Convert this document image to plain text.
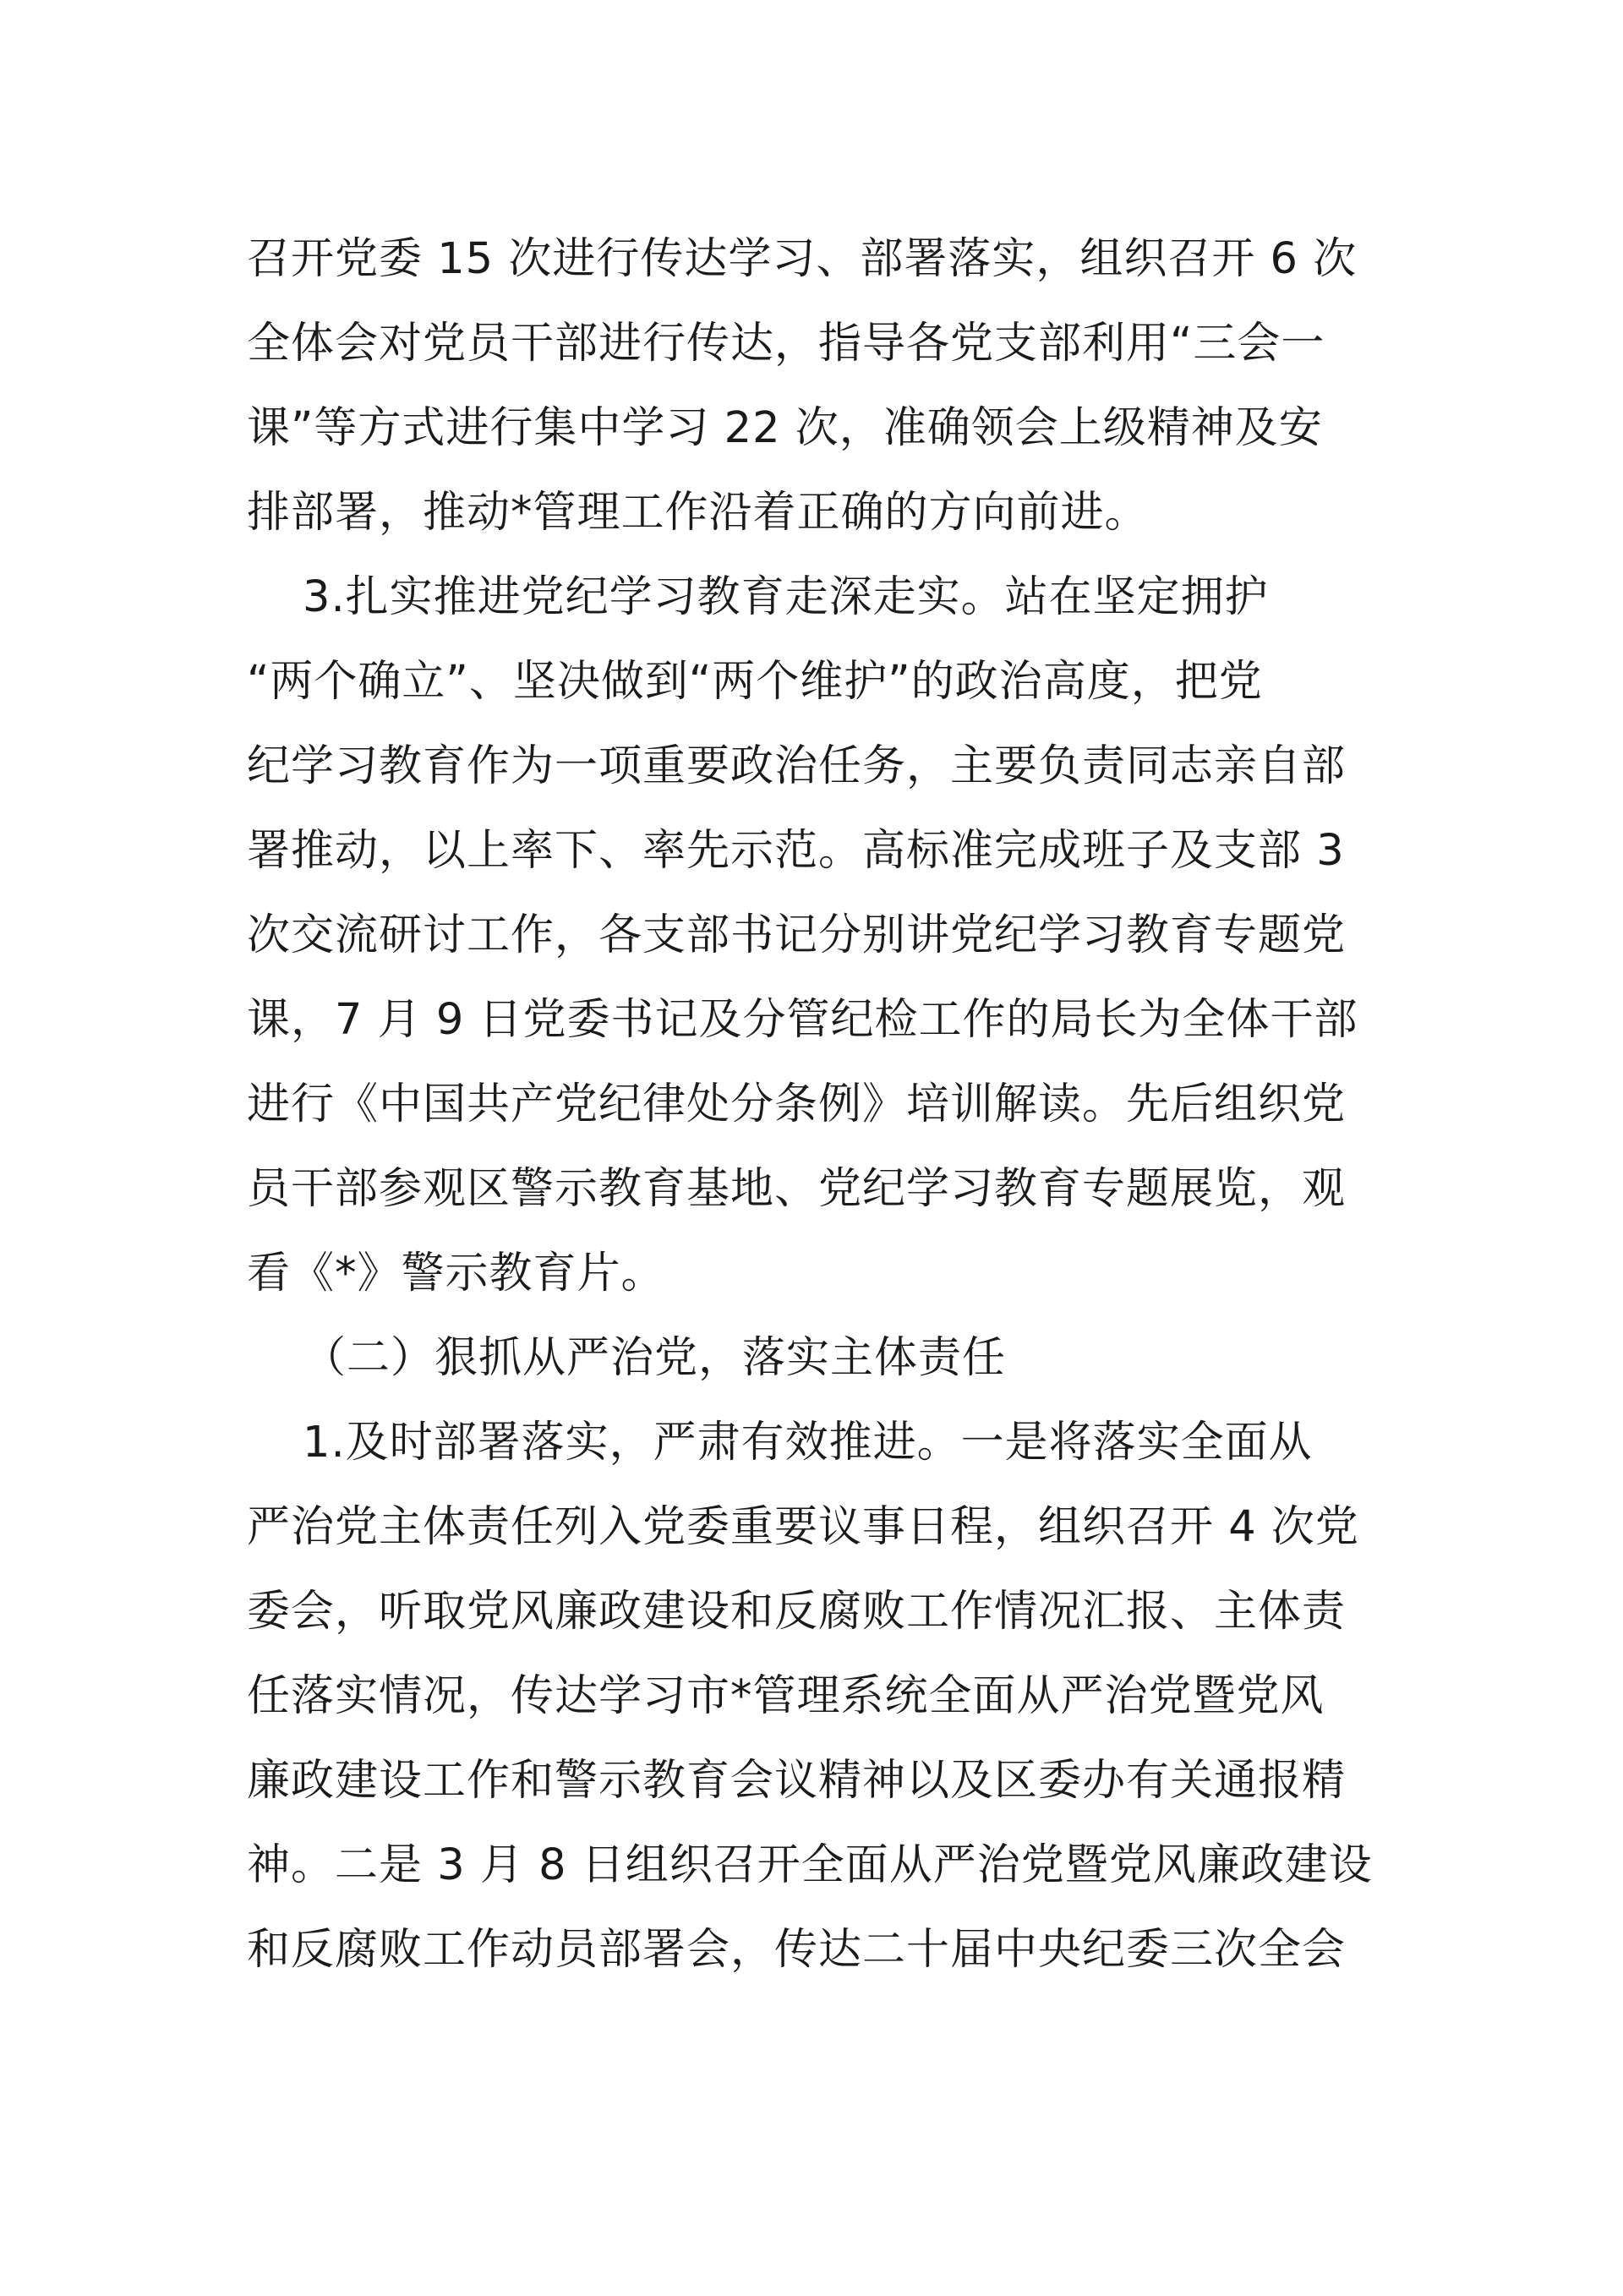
召开党委 15 次进行传达学习、部署落实，组织召开 6 次
全体会对党员干部进行传达，指导各党支部利用“三会一
课”等方式进行集中学习 22 次，准确领会上级精神及安
排部署，推动*管理工作沿着正确的方向前进。
3.扎实推进党纪学习教育走深走实。站在坚定拥护
“两个确立”、坚决做到“两个维护”的政治高度，把党
纪学习教育作为一项重要政治任务，主要负责同志亲自部
署推动，以上率下、率先示范。高标准完成班子及支部 3
次交流研讨工作，各支部书记分别讲党纪学习教育专题党
课，7 月 9 日党委书记及分管纪检工作的局长为全体干部
进行《中国共产党纪律处分条例》培训解读。先后组织党
员干部参观区警示教育基地、党纪学习教育专题展览，观
看《*》警示教育片。
（二）狠抓从严治党，落实主体责任
1.及时部署落实，严肃有效推进。一是将落实全面从
严治党主体责任列入党委重要议事日程，组织召开 4 次党
委会，听取党风廉政建设和反腐败工作情况汇报、主体责
任落实情况，传达学习市*管理系统全面从严治党暨党风
廉政建设工作和警示教育会议精神以及区委办有关通报精
神。二是 3 月 8 日组织召开全面从严治党暨党风廉政建设
和反腐败工作动员部署会，传达二十届中央纪委三次全会
